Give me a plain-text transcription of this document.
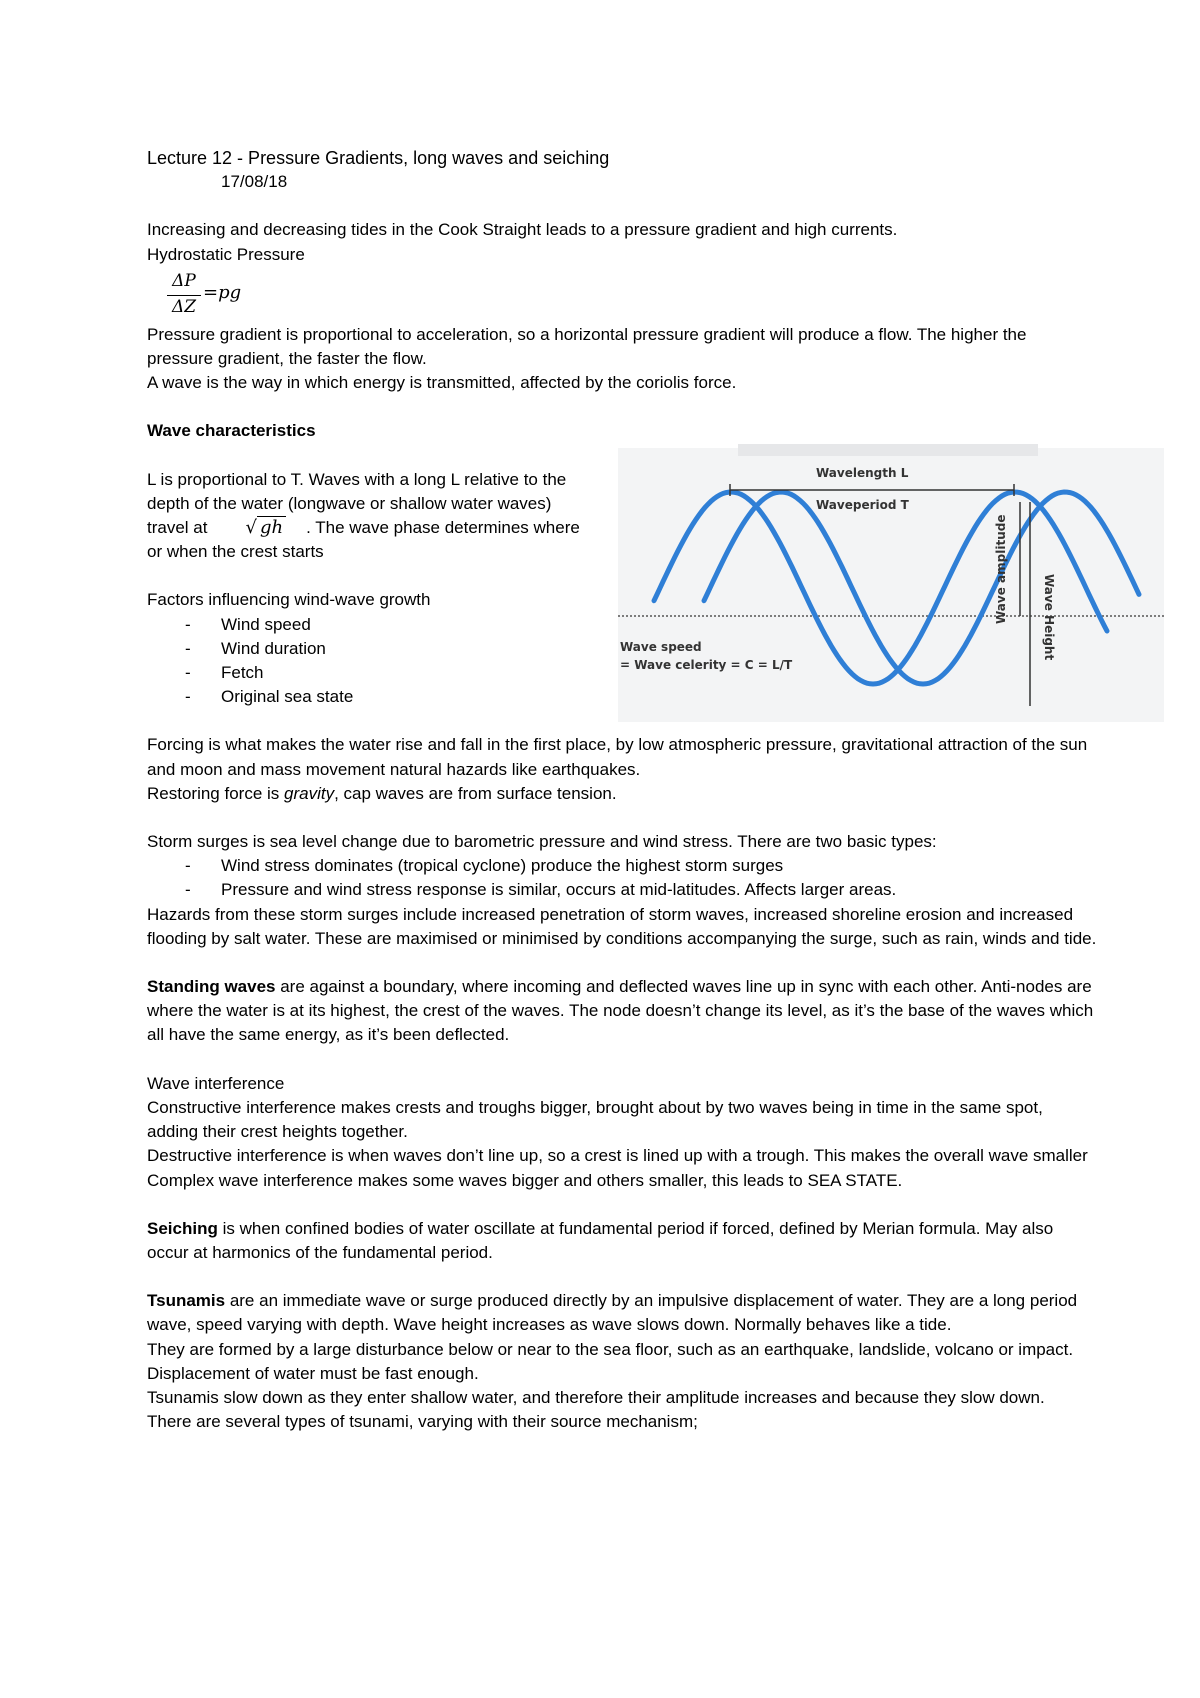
Lecture 12 - Pressure Gradients, long waves and seiching

17/08/18

Increasing and decreasing tides in the Cook Straight leads to a pressure gradient and high currents.

Hydrostatic Pressure

ΔP
ΔZ
=pg

Pressure gradient is proportional to acceleration, so a horizontal pressure gradient will produce a flow. The higher the pressure gradient, the faster the flow.

A wave is the way in which energy is transmitted, affected by the coriolis force.

Wave characteristics

L is proportional to T. Waves with a long L relative to the depth of the water (longwave or shallow water waves) travel at √ gh . The wave phase determines where or when the crest starts

Factors influencing wind-wave growth

- Wind speed
- Wind duration
- Fetch
- Original sea state

Forcing is what makes the water rise and fall in the first place, by low atmospheric pressure, gravitational attraction of the sun and moon and mass movement natural hazards like earthquakes.

Restoring force is gravity, cap waves are from surface tension.

Storm surges is sea level change due to barometric pressure and wind stress. There are two basic types:

- Wind stress dominates (tropical cyclone) produce the highest storm surges
- Pressure and wind stress response is similar, occurs at mid-latitudes. Affects larger areas.

Hazards from these storm surges include increased penetration of storm waves, increased shoreline erosion and increased flooding by salt water. These are maximised or minimised by conditions accompanying the surge, such as rain, winds and tide.

Standing waves are against a boundary, where incoming and deflected waves line up in sync with each other. Anti-nodes are where the water is at its highest, the crest of the waves. The node doesn’t change its level, as it’s the base of the waves which all have the same energy, as it’s been deflected.

Wave interference

Constructive interference makes crests and troughs bigger, brought about by two waves being in time in the same spot, adding their crest heights together.

Destructive interference is when waves don’t line up, so a crest is lined up with a trough. This makes the overall wave smaller

Complex wave interference makes some waves bigger and others smaller, this leads to SEA STATE.

Seiching is when confined bodies of water oscillate at fundamental period if forced, defined by Merian formula. May also occur at harmonics of the fundamental period.

Tsunamis are an immediate wave or surge produced directly by an impulsive displacement of water. They are a long period wave, speed varying with depth. Wave height increases as wave slows down. Normally behaves like a tide.

They are formed by a large disturbance below or near to the sea floor, such as an earthquake, landslide, volcano or impact. Displacement of water must be fast enough.

Tsunamis slow down as they enter shallow water, and therefore their amplitude increases and because they slow down.

There are several types of tsunami, varying with their source mechanism;

Wavelength L
Waveperiod T
Wave amplitude	Wave Height
Wave speed
= Wave celerity = C = L/T
